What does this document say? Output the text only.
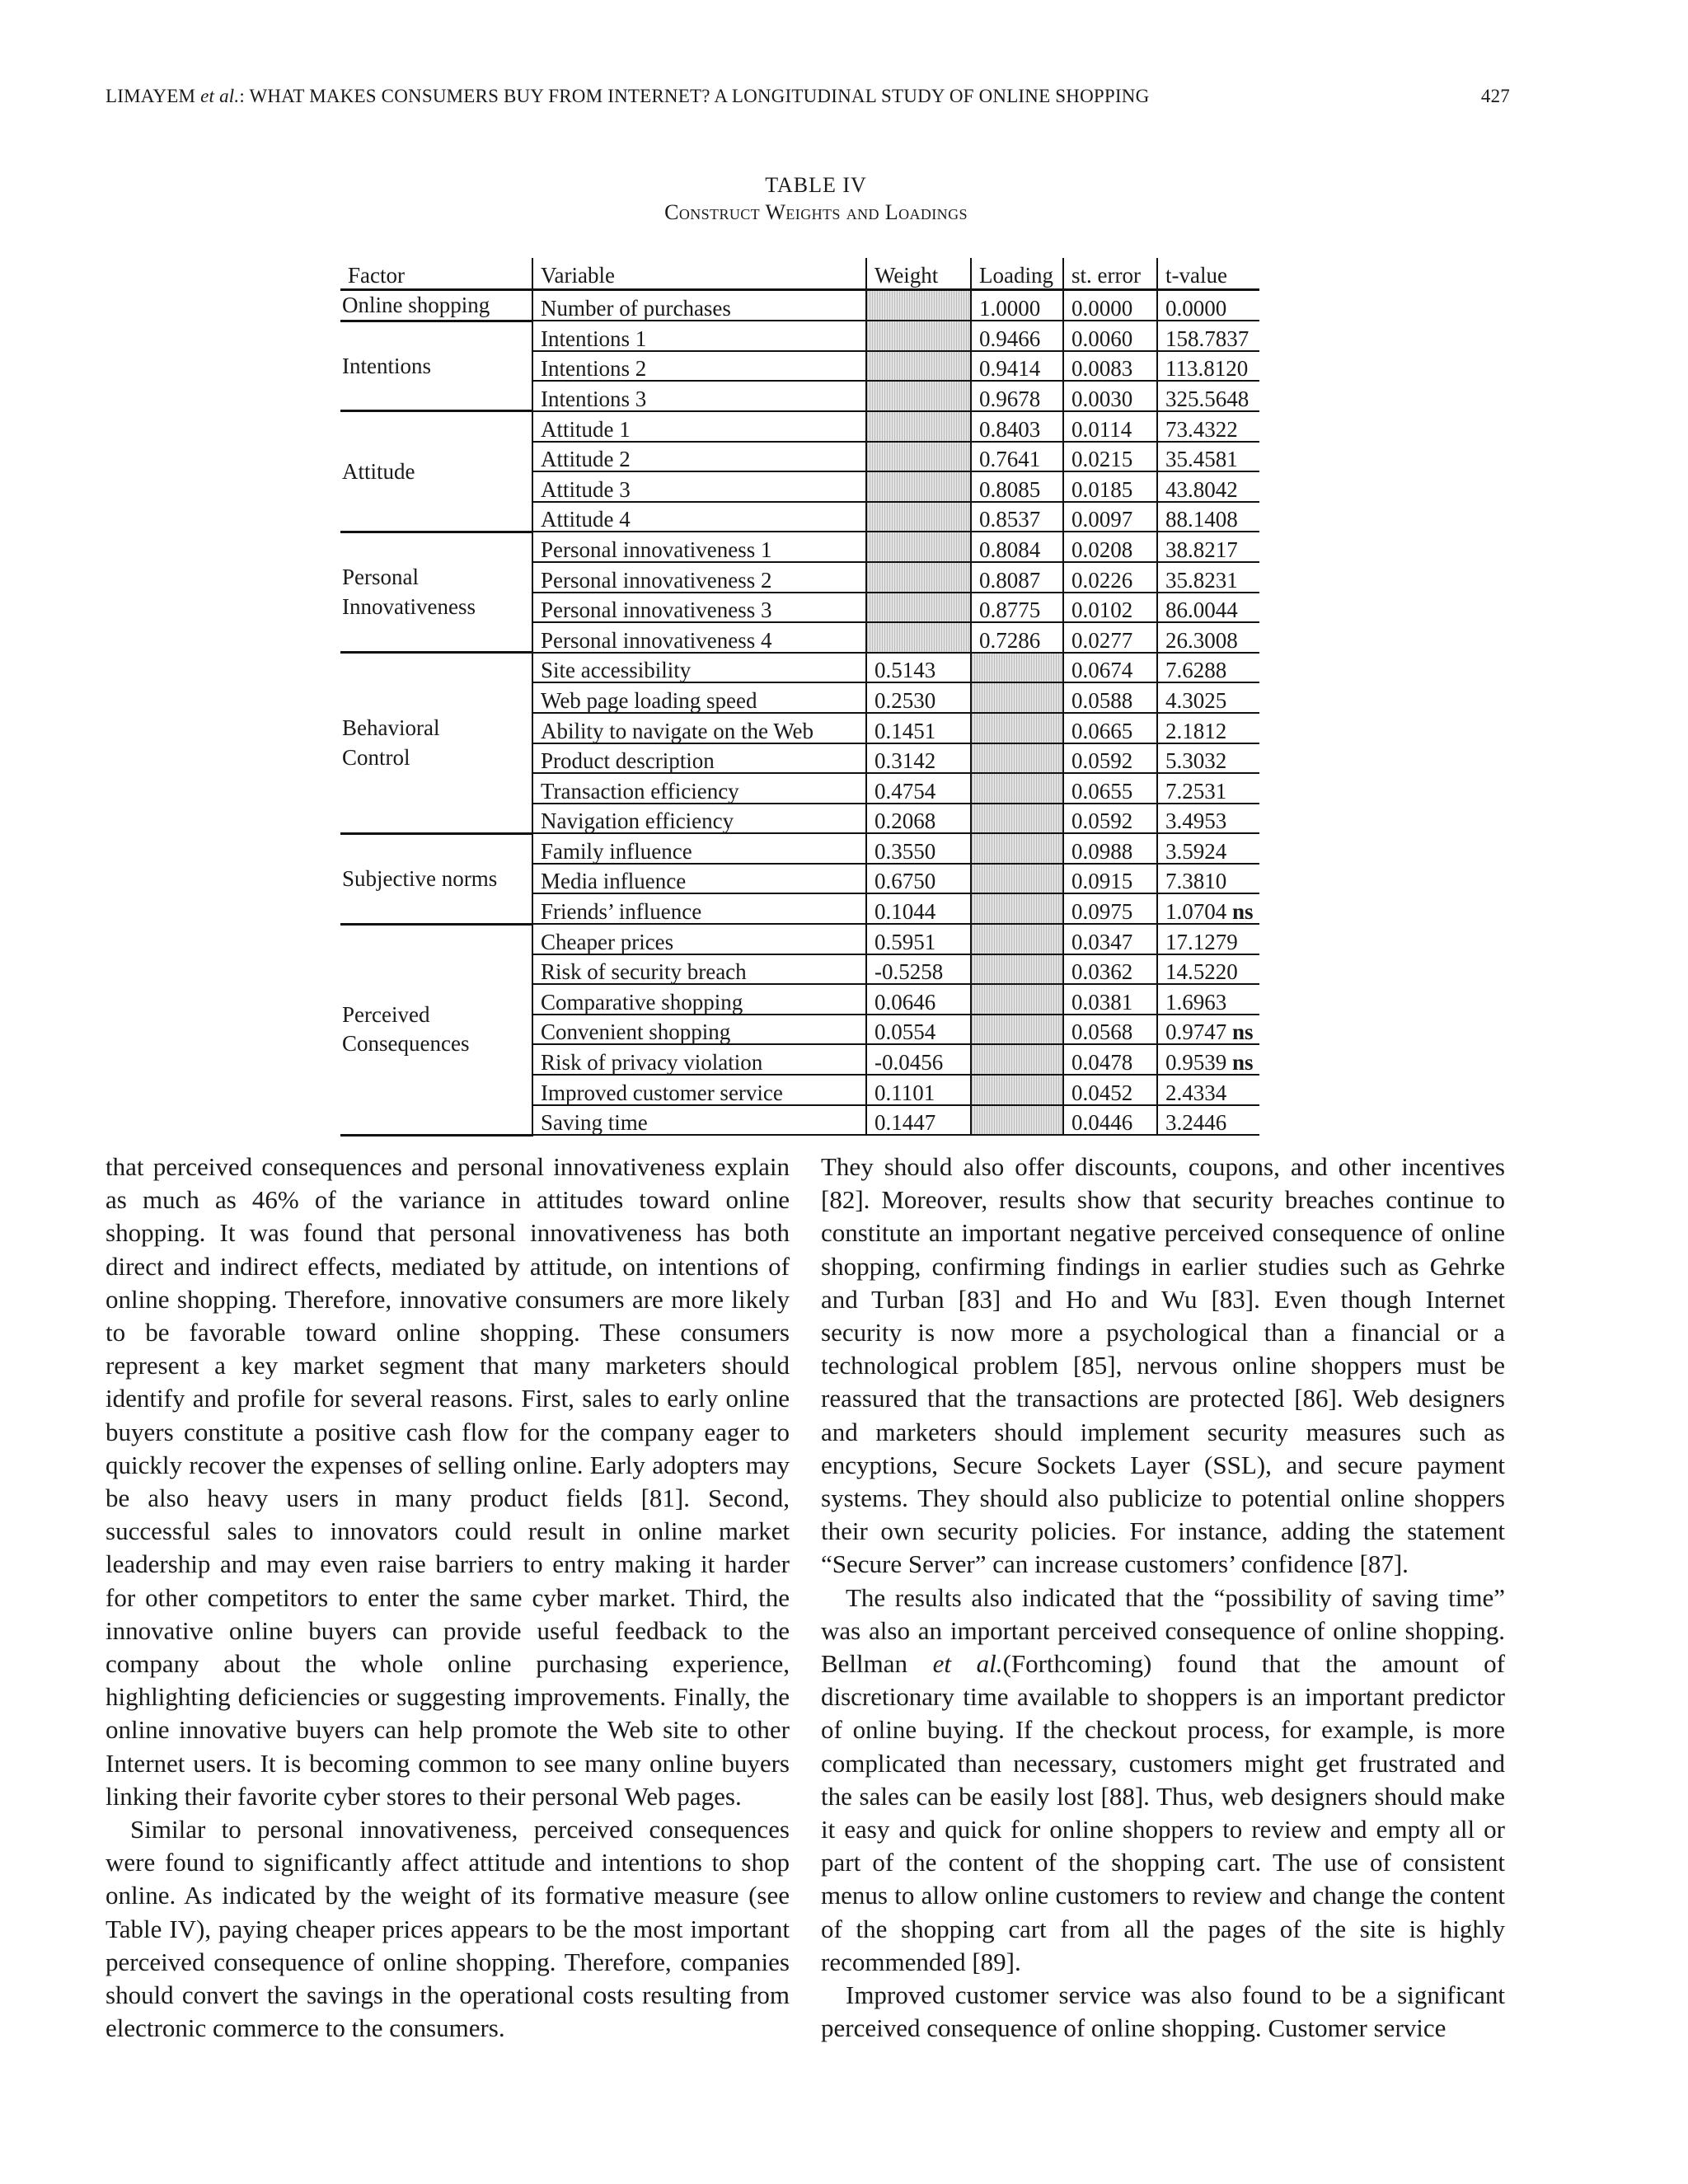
LIMAYEM et al.: WHAT MAKES CONSUMERS BUY FROM INTERNET? A LONGITUDINAL STUDY OF ONLINE SHOPPING	427
TABLE IV
Construct Weights and Loadings
Factor	Variable	Weight	Loading	st. error	t-value
Online shopping	Number of purchases		1.0000	0.0000	0.0000
Intentions	Intentions 1		0.9466	0.0060	158.7837
	Intentions 2		0.9414	0.0083	113.8120
	Intentions 3		0.9678	0.0030	325.5648
Attitude	Attitude 1		0.8403	0.0114	73.4322
	Attitude 2		0.7641	0.0215	35.4581
	Attitude 3		0.8085	0.0185	43.8042
	Attitude 4		0.8537	0.0097	88.1408

Personal
Innovativeness	Personal innovativeness 1		0.8084	0.0208	38.8217
	Personal innovativeness 2		0.8087	0.0226	35.8231
	Personal innovativeness 3		0.8775	0.0102	86.0044
	Personal innovativeness 4		0.7286	0.0277	26.3008

Behavioral
Control	Site accessibility	0.5143		0.0674	7.6288
	Web page loading speed	0.2530		0.0588	4.3025
	Ability to navigate on the Web	0.1451		0.0665	2.1812
	Product description	0.3142		0.0592	5.3032
	Transaction efficiency	0.4754		0.0655	7.2531
	Navigation efficiency	0.2068		0.0592	3.4953
Subjective norms	Family influence	0.3550		0.0988	3.5924
	Media influence	0.6750		0.0915	7.3810
	Friends’ influence	0.1044		0.0975	1.0704 ns

Perceived
Consequences	Cheaper prices	0.5951		0.0347	17.1279
	Risk of security breach	-0.5258		0.0362	14.5220
	Comparative shopping	0.0646		0.0381	1.6963
	Convenient shopping	0.0554		0.0568	0.9747 ns
	Risk of privacy violation	-0.0456		0.0478	0.9539 ns
	Improved customer service	0.1101		0.0452	2.4334
	Saving time	0.1447		0.0446	3.2446

that perceived consequences and personal innovativeness explain as much as 46% of the variance in attitudes toward online shopping. It was found that personal innovativeness has both direct and indirect effects, mediated by attitude, on intentions of online shopping. Therefore, innovative consumers are more likely to be favorable toward online shopping. These consumers represent a key market segment that many marketers should identify and profile for several reasons. First, sales to early online buyers constitute a positive cash flow for the company eager to quickly recover the expenses of selling online. Early adopters may be also heavy users in many product fields [81]. Second, successful sales to innovators could result in online market leadership and may even raise barriers to entry making it harder for other competitors to enter the same cyber market. Third, the innovative online buyers can provide useful feedback to the company about the whole online purchasing experience, highlighting deficiencies or suggesting improvements. Finally, the online innovative buyers can help promote the Web site to other Internet users. It is becoming common to see many online buyers linking their favorite cyber stores to their personal Web pages.

Similar to personal innovativeness, perceived consequences were found to significantly affect attitude and intentions to shop online. As indicated by the weight of its formative measure (see Table IV), paying cheaper prices appears to be the most important perceived consequence of online shopping. Therefore, companies should convert the savings in the operational costs resulting from electronic commerce to the consumers.

They should also offer discounts, coupons, and other incentives [82]. Moreover, results show that security breaches continue to constitute an important negative perceived consequence of online shopping, confirming findings in earlier studies such as Gehrke and Turban [83] and Ho and Wu [83]. Even though Internet security is now more a psychological than a financial or a technological problem [85], nervous online shoppers must be reassured that the transactions are protected [86]. Web designers and marketers should implement security measures such as encyptions, Secure Sockets Layer (SSL), and secure payment systems. They should also publicize to potential online shoppers their own security policies. For instance, adding the statement “Secure Server” can increase customers’ confidence [87].

The results also indicated that the “possibility of saving time” was also an important perceived consequence of online shopping. Bellman et al.(Forthcoming) found that the amount of discretionary time available to shoppers is an important predictor of online buying. If the checkout process, for example, is more complicated than necessary, customers might get frustrated and the sales can be easily lost [88]. Thus, web designers should make it easy and quick for online shoppers to review and empty all or part of the content of the shopping cart. The use of consistent menus to allow online customers to review and change the content of the shopping cart from all the pages of the site is highly recommended [89].

Improved customer service was also found to be a significant perceived consequence of online shopping. Customer service
